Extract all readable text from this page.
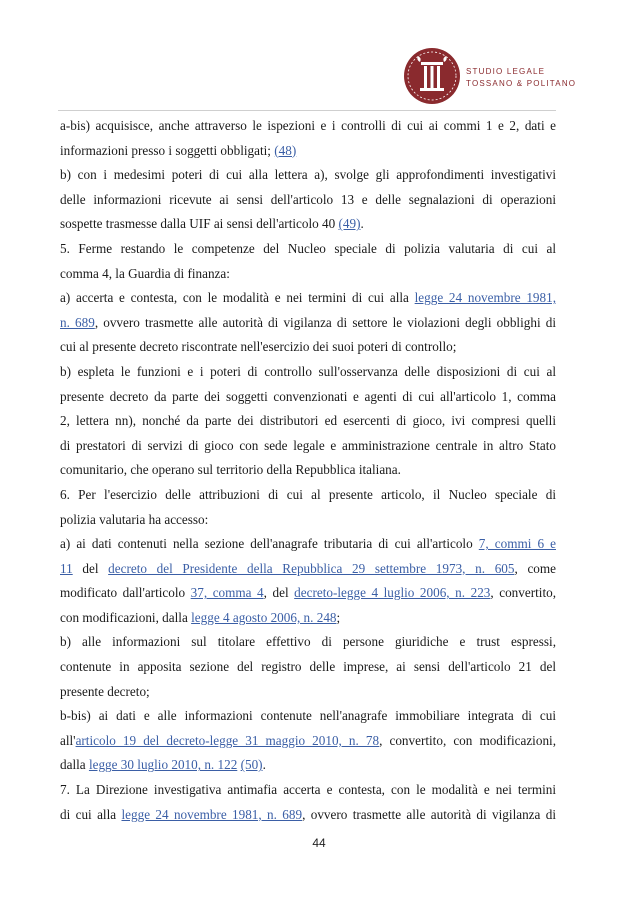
STUDIO LEGALE
TOSSANO & POLITANO
a-bis) acquisisce, anche attraverso le ispezioni e i controlli di cui ai commi 1 e 2, dati e
informazioni presso i soggetti obbligati; (48)
b) con i medesimi poteri di cui alla lettera a), svolge gli approfondimenti investigativi
delle informazioni ricevute ai sensi dell'articolo 13 e delle segnalazioni di operazioni
sospette trasmesse dalla UIF ai sensi dell'articolo 40 (49).
5. Ferme restando le competenze del Nucleo speciale di polizia valutaria di cui al
comma 4, la Guardia di finanza:
a) accerta e contesta, con le modalità e nei termini di cui alla legge 24 novembre 1981,
n. 689, ovvero trasmette alle autorità di vigilanza di settore le violazioni degli obblighi di
cui al presente decreto riscontrate nell'esercizio dei suoi poteri di controllo;
b) espleta le funzioni e i poteri di controllo sull'osservanza delle disposizioni di cui al
presente decreto da parte dei soggetti convenzionati e agenti di cui all'articolo 1, comma
2, lettera nn), nonché da parte dei distributori ed esercenti di gioco, ivi compresi quelli
di prestatori di servizi di gioco con sede legale e amministrazione centrale in altro Stato
comunitario, che operano sul territorio della Repubblica italiana.
6. Per l'esercizio delle attribuzioni di cui al presente articolo, il Nucleo speciale di
polizia valutaria ha accesso:
a) ai dati contenuti nella sezione dell'anagrafe tributaria di cui all'articolo 7, commi 6 e
11 del decreto del Presidente della Repubblica 29 settembre 1973, n. 605, come
modificato dall'articolo 37, comma 4, del decreto-legge 4 luglio 2006, n. 223, convertito,
con modificazioni, dalla legge 4 agosto 2006, n. 248;
b) alle informazioni sul titolare effettivo di persone giuridiche e trust espressi,
contenute in apposita sezione del registro delle imprese, ai sensi dell'articolo 21 del
presente decreto;
b-bis) ai dati e alle informazioni contenute nell'anagrafe immobiliare integrata di cui
all'articolo 19 del decreto-legge 31 maggio 2010, n. 78, convertito, con modificazioni,
dalla legge 30 luglio 2010, n. 122 (50).
7. La Direzione investigativa antimafia accerta e contesta, con le modalità e nei termini
di cui alla legge 24 novembre 1981, n. 689, ovvero trasmette alle autorità di vigilanza di
44
